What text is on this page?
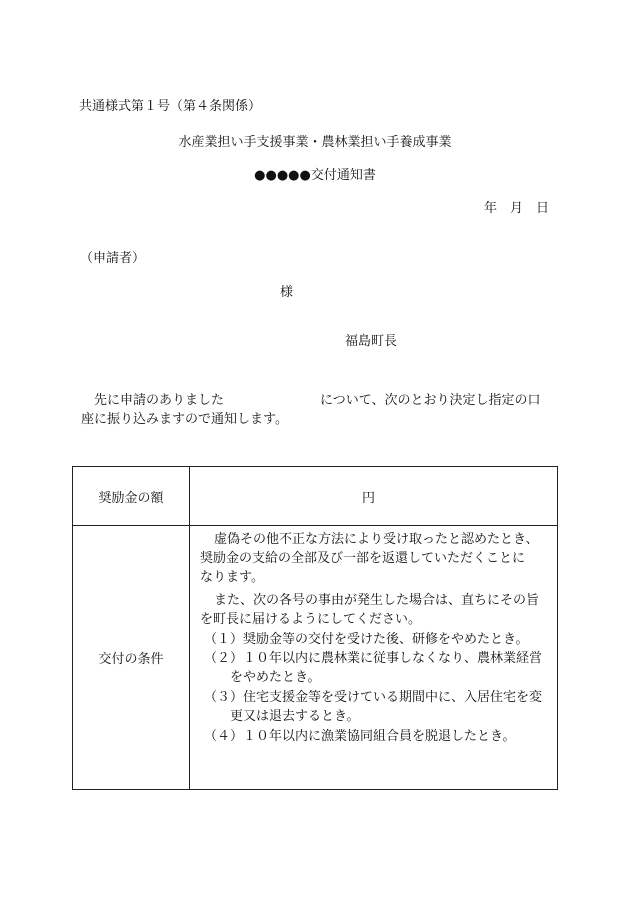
共通様式第１号（第４条関係）
水産業担い手支援事業・農林業担い手養成事業
●●●●●交付通知書
年　月　日
（申請者）
様
福島町長
　先に申請のありました	について、次のとおり決定し指定の口
座に振り込みますので通知します。
奨励金の額	円
交付の条件
虚偽その他不正な方法により受け取ったと認めたとき、
奨励金の支給の全部及び一部を返還していただくことに
なります。
また、次の各号の事由が発生した場合は、直ちにその旨
を町長に届けるようにしてください。
（１）奨励金等の交付を受けた後、研修をやめたとき。
（２）１０年以内に農林業に従事しなくなり、農林業経営
をやめたとき。
（３）住宅支援金等を受けている期間中に、入居住宅を変
更又は退去するとき。
（４）１０年以内に漁業協同組合員を脱退したとき。
